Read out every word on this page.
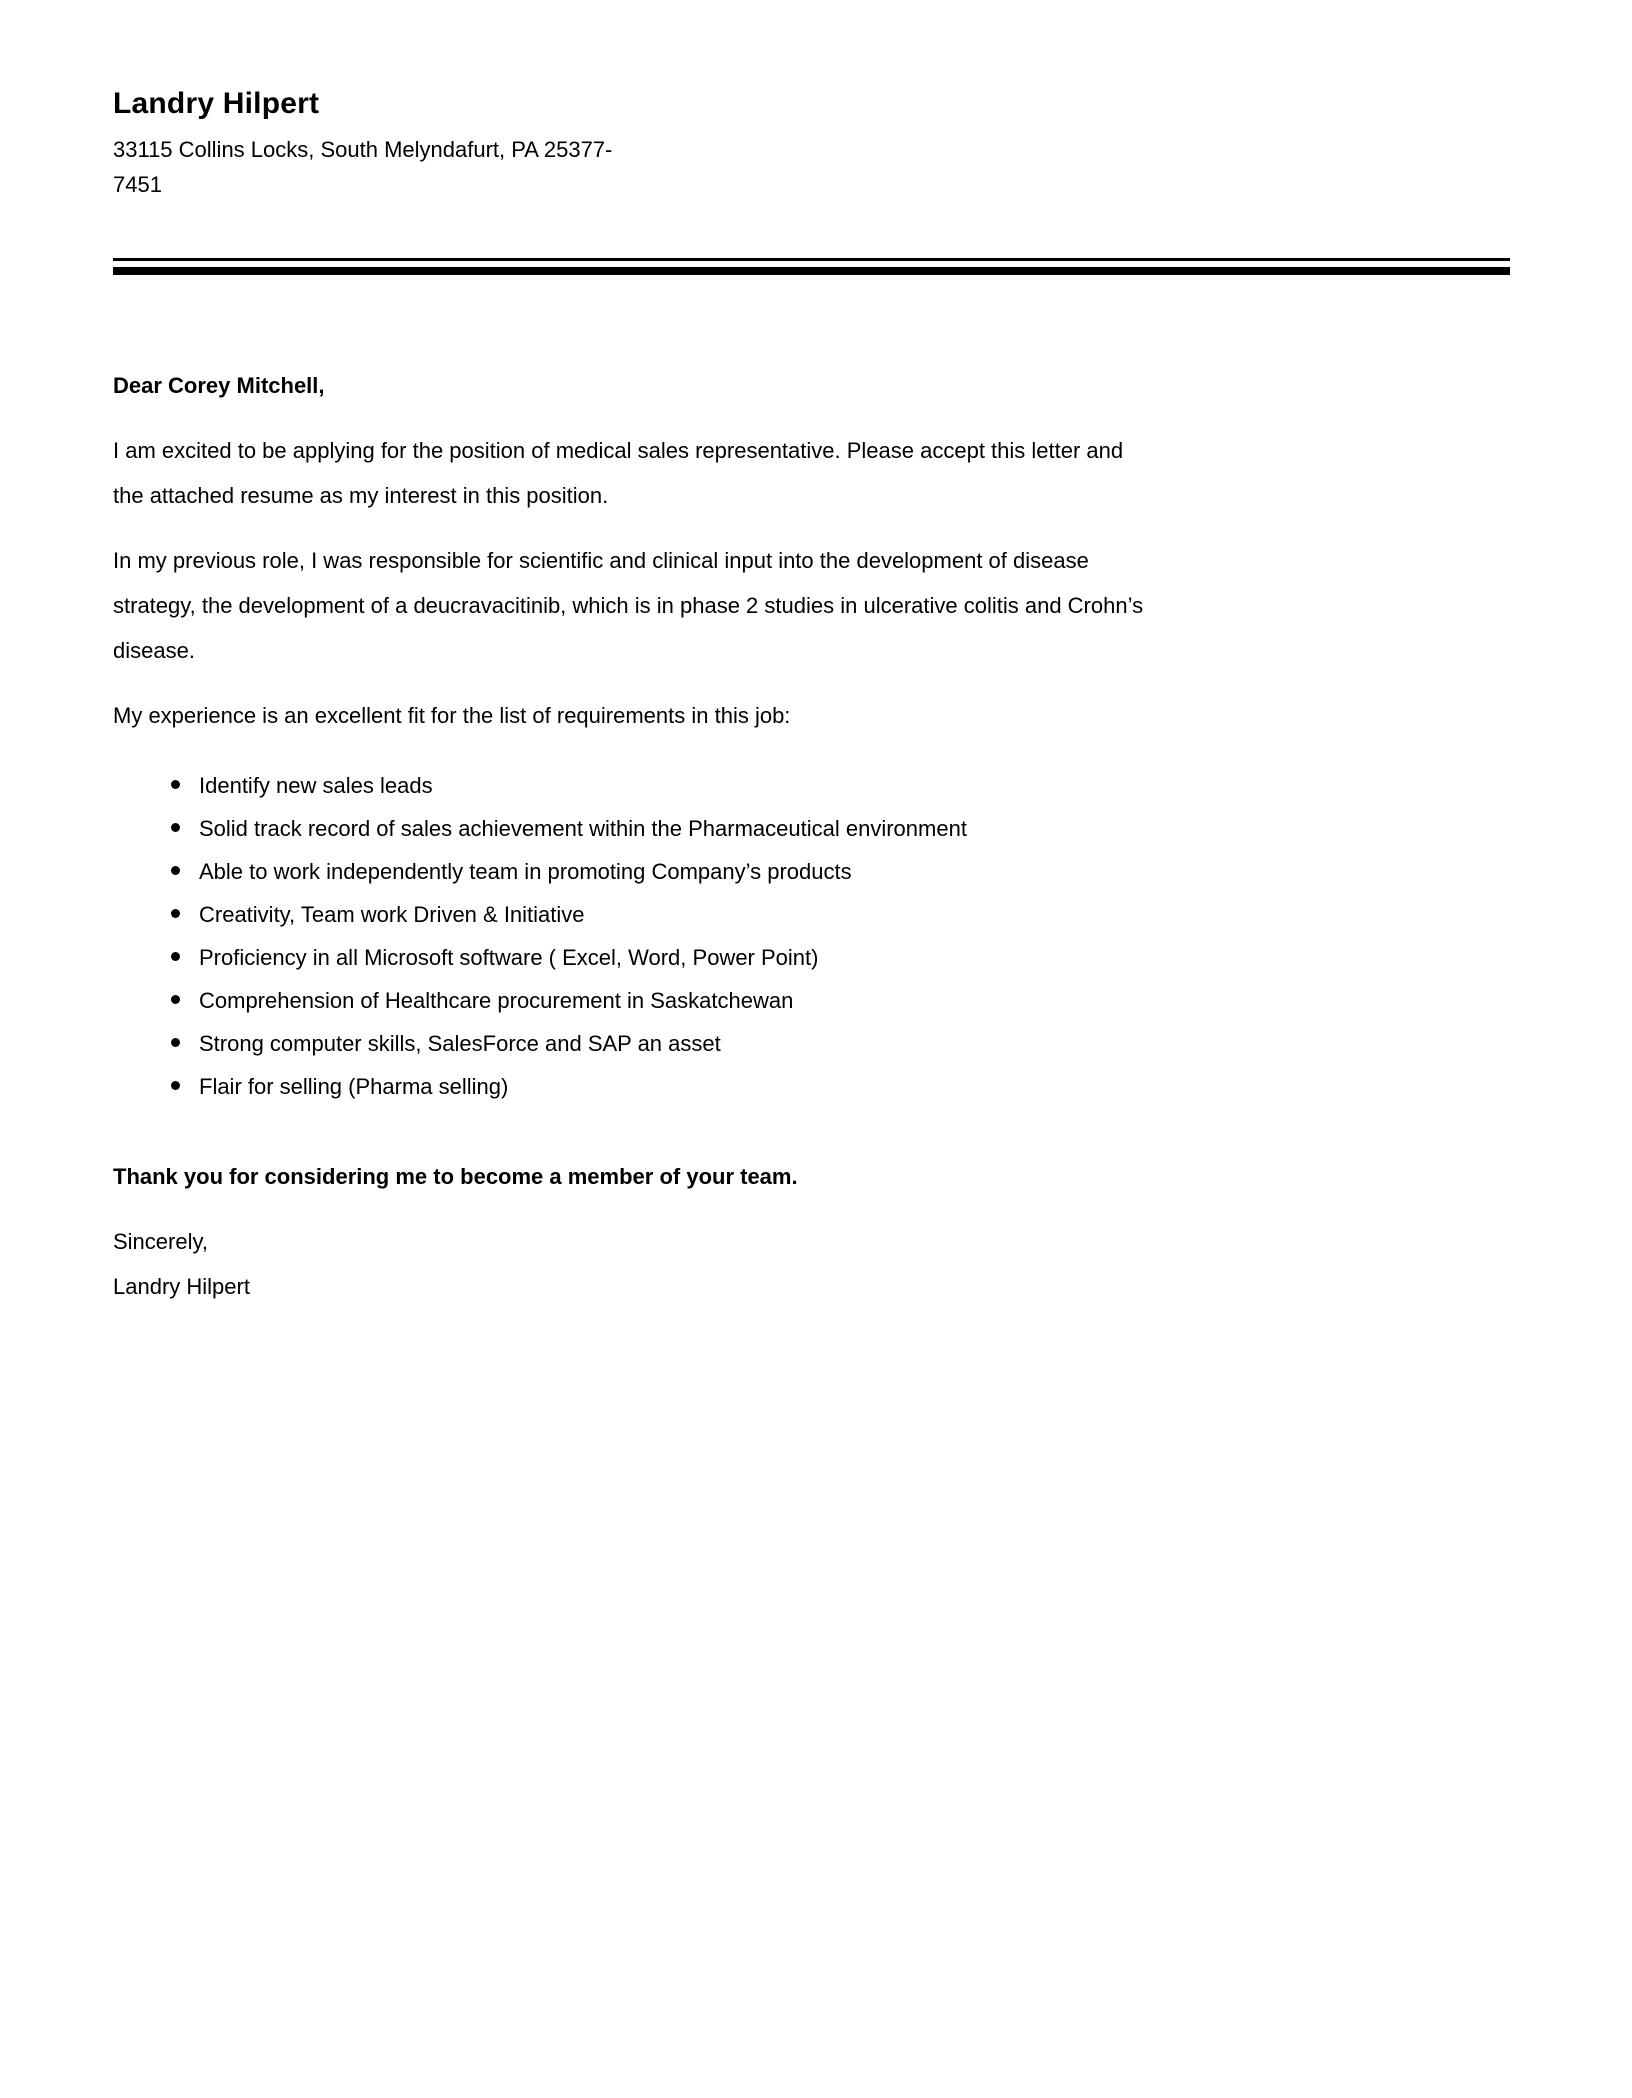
Landry Hilpert
33115 Collins Locks, South Melyndafurt, PA 25377-
7451

Dear Corey Mitchell,

I am excited to be applying for the position of medical sales representative. Please accept this letter and
the attached resume as my interest in this position.

In my previous role, I was responsible for scientific and clinical input into the development of disease
strategy, the development of a deucravacitinib, which is in phase 2 studies in ulcerative colitis and Crohn’s
disease.

My experience is an excellent fit for the list of requirements in this job:

Identify new sales leads
Solid track record of sales achievement within the Pharmaceutical environment
Able to work independently team in promoting Company’s products
Creativity, Team work Driven & Initiative
Proficiency in all Microsoft software ( Excel, Word, Power Point)
Comprehension of Healthcare procurement in Saskatchewan
Strong computer skills, SalesForce and SAP an asset
Flair for selling (Pharma selling)

Thank you for considering me to become a member of your team.

Sincerely,
Landry Hilpert
